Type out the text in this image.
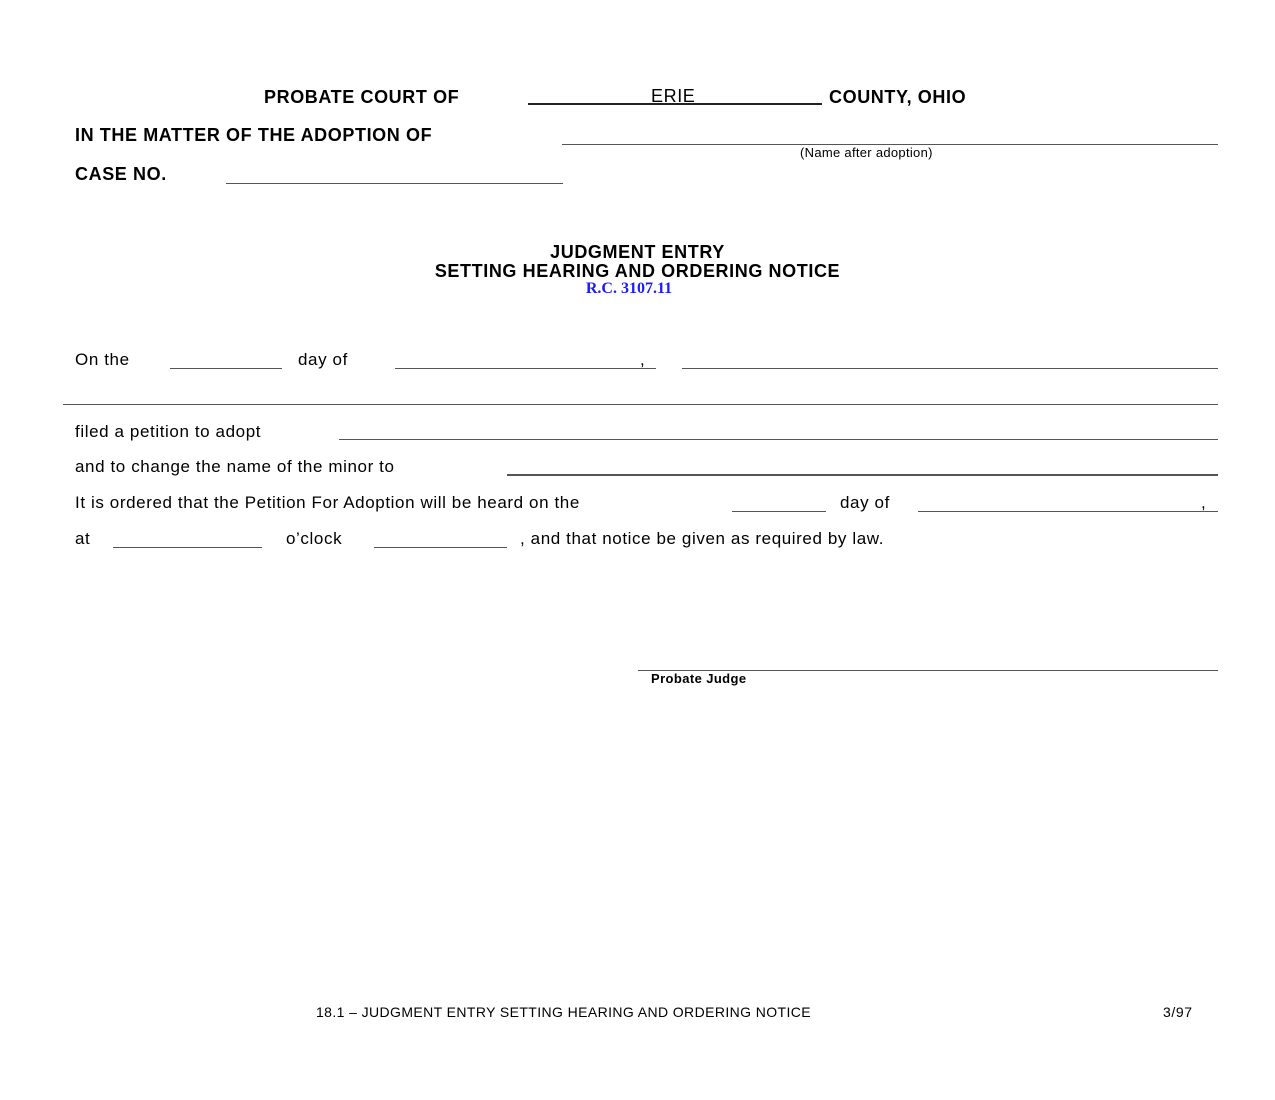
PROBATE COURT OF	ERIE	COUNTY, OHIO
IN THE MATTER OF THE ADOPTION OF
(Name after adoption)
CASE NO.
JUDGMENT ENTRY
SETTING HEARING AND ORDERING NOTICE
R.C. 3107.11
On the	day of	,
filed a petition to adopt
and to change the name of the minor to
It is ordered that the Petition For Adoption will be heard on the	day of	,
at	o’clock	, and that notice be given as required by law.
Probate Judge
18.1 – JUDGMENT ENTRY SETTING HEARING AND ORDERING NOTICE	3/97
